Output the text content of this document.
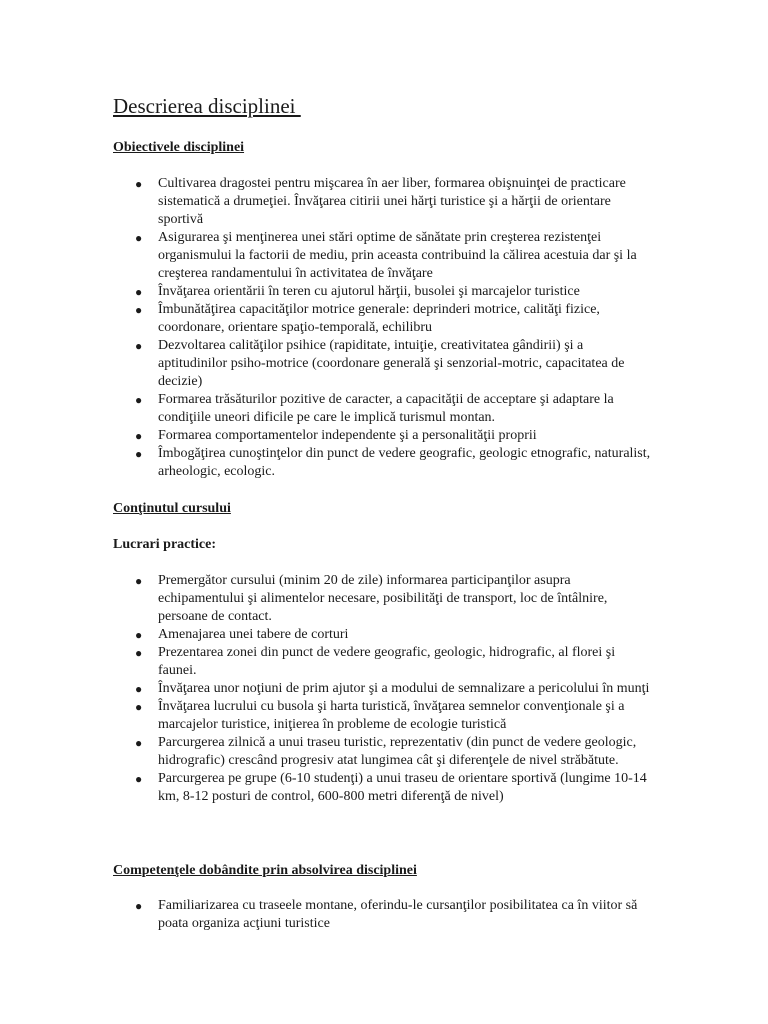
Descrierea disciplinei
Obiectivele disciplinei
● Cultivarea dragostei pentru mişcarea în aer liber, formarea obişnuinţei de practicare sistematică a drumeţiei. Învăţarea citirii unei hărţi turistice şi a hărţii de orientare sportivă
● Asigurarea şi menţinerea unei stări optime de sănătate prin creşterea rezistenţei organismului la factorii de mediu, prin aceasta contribuind la călirea acestuia dar şi la creşterea randamentului în activitatea de învăţare
● Învăţarea orientării în teren cu ajutorul hărţii, busolei şi marcajelor turistice
● Îmbunătăţirea capacităţilor motrice generale: deprinderi motrice, calităţi fizice, coordonare, orientare spaţio-temporală, echilibru
● Dezvoltarea calităţilor psihice (rapiditate, intuiţie, creativitatea gândirii) şi a aptitudinilor psiho-motrice (coordonare generală şi senzorial-motric, capacitatea de decizie)
● Formarea trăsăturilor pozitive de caracter, a capacităţii de acceptare şi adaptare la condiţiile uneori dificile pe care le implică turismul montan.
● Formarea comportamentelor independente şi a personalităţii proprii
● Îmbogăţirea cunoştinţelor din punct de vedere geografic, geologic etnografic, naturalist, arheologic, ecologic.
Conţinutul cursului
Lucrari practice:
● Premergător cursului (minim 20 de zile) informarea participanţilor asupra echipamentului şi alimentelor necesare, posibilităţi de transport, loc de întâlnire, persoane de contact.
● Amenajarea unei tabere de corturi
● Prezentarea zonei din punct de vedere geografic, geologic, hidrografic, al florei şi faunei.
● Învăţarea unor noţiuni de prim ajutor şi a modului de semnalizare a pericolului în munţi
● Învăţarea lucrului cu busola şi harta turistică, învăţarea semnelor convenţionale şi a marcajelor turistice, iniţierea în probleme de ecologie turistică
● Parcurgerea zilnică a unui traseu turistic, reprezentativ (din punct de vedere geologic, hidrografic) crescând progresiv atat lungimea cât şi diferenţele de nivel străbătute.
● Parcurgerea pe grupe (6-10 studenţi) a unui traseu de orientare sportivă (lungime 10-14 km, 8-12 posturi de control, 600-800 metri diferenţă de nivel)
Competenţele dobândite prin absolvirea disciplinei
● Familiarizarea cu traseele montane, oferindu-le cursanţilor posibilitatea ca în viitor să poata organiza acţiuni turistice
